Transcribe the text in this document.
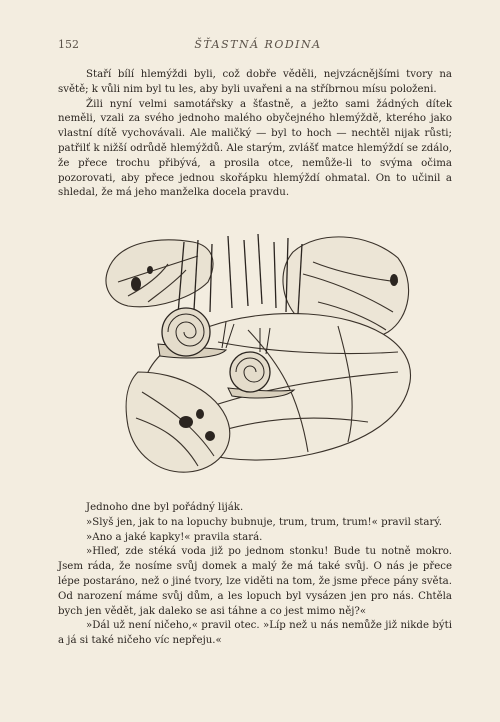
152	ŠŤASTNÁ RODINA

Staří bílí hlemýždi byli, což dobře věděli, nejvzácnějšími tvory na světě; k vůli nim byl tu les, aby byli uvařeni a na stříbrnou mísu položeni.

Žili nyní velmi samotářsky a šťastně, a ježto sami žádných dítek neměli, vzali za svého jednoho malého obyčejného hlemýždě, kterého jako vlastní dítě vychovávali. Ale maličký — byl to hoch — nechtěl nijak růsti; patřilť k nižší odrůdě hlemýždů. Ale starým, zvlášť matce hlemýždí se zdálo, že přece trochu přibývá, a prosila otce, nemůže-li to svýma očima pozorovati, aby přece jednou skořápku hlemýždí ohmatal. On to učinil a shledal, že má jeho manželka docela pravdu.

Jednoho dne byl pořádný liják.

»Slyš jen, jak to na lopuchy bubnuje, trum, trum, trum!« pravil starý.

»Ano a jaké kapky!« pravila stará.

»Hleď, zde stéká voda již po jednom stonku! Bude tu notně mokro. Jsem ráda, že nosíme svůj domek a malý že má také svůj. O nás je přece lépe postaráno, než o jiné tvory, lze viděti na tom, že jsme přece pány světa. Od narození máme svůj dům, a les lopuch byl vysázen jen pro nás. Chtěla bych jen vědět, jak daleko se asi táhne a co jest mimo něj?«

»Dál už není ničeho,« pravil otec. »Líp než u nás nemůže již nikde býti a já si také ničeho víc nepřeju.«
